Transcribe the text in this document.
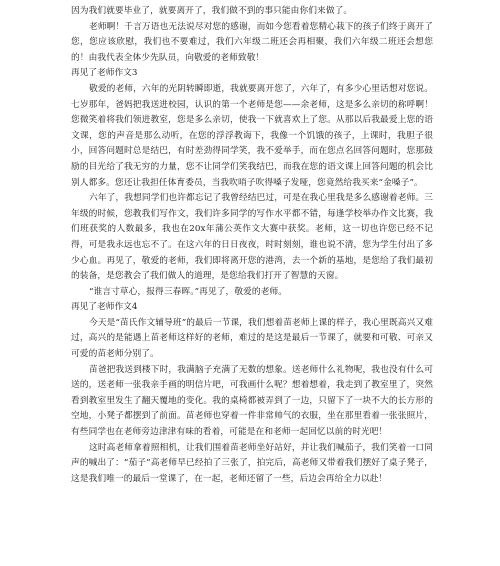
因为我们就要毕业了，就要离开了，我们做不到的事只能由你们来做了。

老师啊！千言万语也无法说尽对您的感谢，而如今您看着您精心栽下的孩子们终于离开了您，您应该欣慰，我们也不要难过，我们六年级二班还会再相聚，我们六年级二班还会想您的！由我代表全体少先队员，向敬爱的老师致敬！

再见了老师作文3

敬爱的老师，六年的光阴转瞬即逝，我就要离开您了，六年了，有多少心里话想对您说。七岁那年，爸妈把我送进校园，认识的第一个老师是您——余老师，这是多么亲切的称呼啊！您微笑着将我们领进教室，您是多么亲切，使我一下就喜欢上了您。从那以后我最爱上您的语文课，您的声音是那么动听，在您的浮浮教诲下，我像一个饥饿的孩子，上课时，我胆子很小，回答问题时总是结巴，有时差劲得同学笑，我不爱举手，而在您点名回答问题时，您那鼓励的目光给了我无穷的力量，您不让同学们笑我结巴，而我在您的语文课上回答问题的机会比别人都多。您还让我担任体育委员，当我吹哨子吹得嗓子发哑，您竟然给我买来“金嗓子”。

六年了，我想同学们也许都忘记了我曾经结巴过，可是在我心里我是多么感谢着老师。三年级的时候，您教我们写作文，我们许多同学的写作水平都不错，每逢学校举办作文比赛，我们班获奖的人数最多，我也在20x年蒲公英作文大赛中获奖。老师，这一切也许您已经不记得，可是我永远也忘不了。在这六年的日日夜夜，时时刻刻，谁也说不清，您为学生付出了多少心血。再见了，敬爱的老师，我们即将离开您的港湾，去一个新的基地，是您给了我们最初的装备，是您教会了我们做人的道理，是您给我们打开了智慧的天窗。

“谁言寸草心，报得三春晖。”再见了，敬爱的老师。

再见了老师作文4

今天是“苗氏作文辅导班”的最后一节课，我们想着苗老师上课的样子，我心里既高兴又难过，高兴的是能遇上苗老师这样好的老师，难过的是这是最后一节课了，就要和可敬、可亲又可爱的苗老师分别了。

苗爸把我送到楼下时，我满脑子充满了无数的想象。送老师什么礼物呢，我也没有什么可送的，送老师一张我亲手画的明信片吧，可我画什么呢？想着想着，我走到了教室里了，突然看到教室里发生了翻天覆地的变化。我的桌椅都被弄到了一边，只留下了一块不大的长方形的空地，小凳子都摆到了前面。苗老师也穿着一件非常帅气的衣服，坐在那里看着一张张照片，有些同学也在老师旁边津津有味的看着，可能是在和老师一起回忆以前的时光吧！

这时高老师拿着照相机，让我们围着苗老师坐好站好，并让我们喊茄子，我们笑着一口同声的喊出了：“茄子”高老师早已经拍了三张了，拍完后，高老师又带着我们摆好了桌子凳子，这是我们唯一的最后一堂课了，在一起，老师还留了一些，后边会再给全力以赴！
